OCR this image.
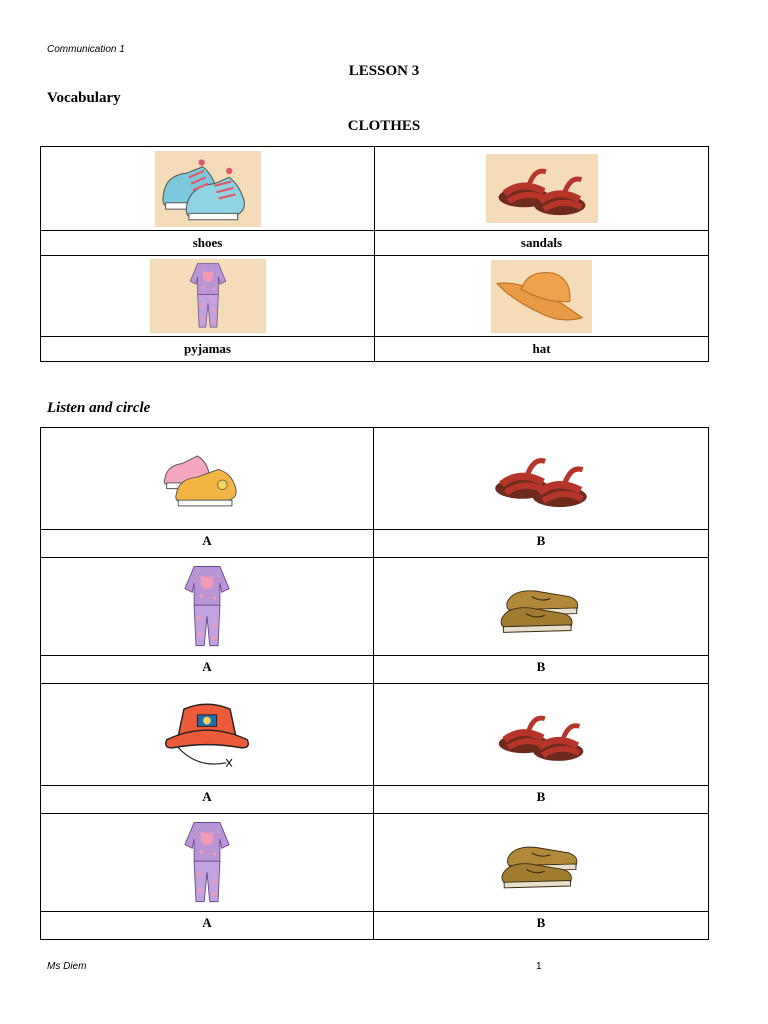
Communication 1
LESSON 3
Vocabulary
CLOTHES

shoes	sandals

pyjamas	hat
Listen and circle

A	B

A	B

A	B

A	B
Ms Diem	1
